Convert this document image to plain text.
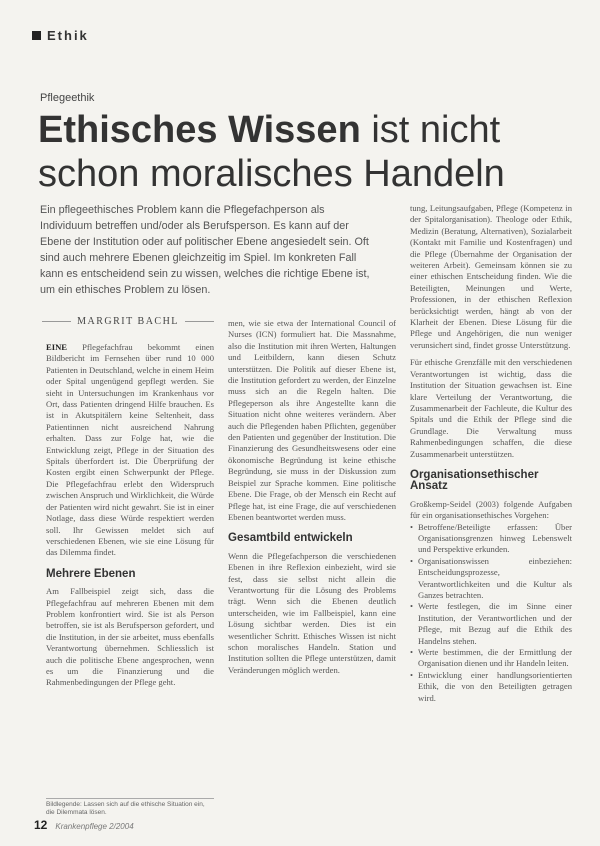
Ethik
Pflegeethik
Ethisches Wissen ist nicht schon moralisches Handeln

Ein pflegeethisches Problem kann die Pflegefachperson als Individuum betreffen und/oder als Berufsperson. Es kann auf der Ebene der Institution oder auf politischer Ebene angesiedelt sein. Oft sind auch mehrere Ebenen gleichzeitig im Spiel. Im konkreten Fall kann es entscheidend sein zu wissen, welches die richtige Ebene ist, um ein ethisches Problem zu lösen.

MARGRIT BACHL

EINE Pflegefachfrau bekommt einen Bildbericht im Fernsehen über rund 10 000 Patienten in Deutschland, welche in einem Heim oder Spital ungenügend gepflegt werden. Sie sieht in Untersuchungen im Krankenhaus vor Ort, dass Patienten dringend Hilfe brauchen. Es ist in Akutspitälern keine Seltenheit, dass Patientinnen nicht ausreichend Nahrung erhalten. Dass zur Folge hat, wie die Entwicklung zeigt, Pflege in der Situation des Spitals überfordert ist. Die Überprüfung der Kosten ergibt einen Schwerpunkt der Pflege. Die Pflegefachfrau erlebt den Widerspruch zwischen Anspruch und Wirklichkeit, die Würde der Patienten wird nicht gewahrt. Sie ist in einer Notlage, dass diese Würde respektiert werden soll. Ihr Gewissen meldet sich auf verschiedenen Ebenen, wie sie eine Lösung für das Dilemma findet.

Mehrere Ebenen

Am Fallbeispiel zeigt sich, dass die Pflegefachfrau auf mehreren Ebenen mit dem Problem konfrontiert wird. Sie ist als Person betroffen, sie ist als Berufsperson gefordert, und die Institution, in der sie arbeitet, muss ebenfalls Verantwortung übernehmen. Schliesslich ist auch die politische Ebene angesprochen, wenn es um die Finanzierung und die Rahmenbedingungen der Pflege geht.

men, wie sie etwa der International Council of Nurses (ICN) formuliert hat. Die Massnahme, also die Institution mit ihren Werten, Haltungen und Leitbildern, kann diesen Schutz unterstützen. Die Politik auf dieser Ebene ist, die Institution gefordert zu werden, der Einzelne muss sich an die Regeln halten. Die Pflegeperson als ihre Angestellte kann die Situation nicht ohne weiteres verändern. Aber auch die Pflegenden haben Pflichten, gegenüber den Patienten und gegenüber der Institution. Die Finanzierung des Gesundheitswesens oder eine ökonomische Begründung ist keine ethische Begründung, sie muss in der Diskussion zum Beispiel zur Sprache kommen. Eine politische Ebene. Die Frage, ob der Mensch ein Recht auf Pflege hat, ist eine Frage, die auf verschiedenen Ebenen beantwortet werden muss.

Gesamtbild entwickeln

Wenn die Pflegefachperson die verschiedenen Ebenen in ihre Reflexion einbezieht, wird sie fest, dass sie selbst nicht allein die Verantwortung für die Lösung des Problems trägt. Wenn sich die Ebenen deutlich unterscheiden, wie im Fallbeispiel, kann eine Lösung sichtbar werden. Dies ist ein wesentlicher Schritt. Ethisches Wissen ist nicht schon moralisches Handeln. Station und Institution sollten die Pflege unterstützen, damit Veränderungen möglich werden.

tung, Leitungsaufgaben, Pflege (Kompetenz in der Spitalorganisation). Theologe oder Ethik, Medizin (Beratung, Alternativen), Sozialarbeit (Kontakt mit Familie und Kostenfragen) und die Pflege (Übernahme der Organisation der weiteren Arbeit). Gemeinsam können sie zu einer ethischen Entscheidung finden. Wie die Beteiligten, Meinungen und Werte, Professionen, in der ethischen Reflexion berücksichtigt werden, hängt ab von der Klarheit der Ebenen. Diese Lösung für die Pflege und Angehörigen, die nun weniger verunsichert sind, findet grosse Unterstützung.

Für ethische Grenzfälle mit den verschiedenen Verantwortungen ist wichtig, dass die Institution der Situation gewachsen ist. Eine klare Verteilung der Verantwortung, die Zusammenarbeit der Fachleute, die Kultur des Spitals und die Ethik der Pflege sind die Grundlage. Die Verwaltung muss Rahmenbedingungen schaffen, die diese Zusammenarbeit unterstützen.

Organisationsethischer Ansatz

Großkemp-Seidel (2003) folgende Aufgaben für ein organisationsethisches Vorgehen:

• Betroffene/Beteiligte erfassen: Über Organisationsgrenzen hinweg Lebenswelt und Perspektive erkunden.
• Organisationswissen einbeziehen: Entscheidungsprozesse, Verantwortlichkeiten und die Kultur als Ganzes betrachten.
• Werte festlegen, die im Sinne einer Institution, der Verantwortlichen und der Pflege, mit Bezug auf die Ethik des Handelns stehen.
• Werte bestimmen, die der Ermittlung der Organisation dienen und ihr Handeln leiten.
• Entwicklung einer handlungsorientierten Ethik, die von den Beteiligten getragen wird.
Bildlegende: Lassen sich auf die ethische Situation ein, die Dilemmata lösen.
12 Krankenpflege 2/2004
